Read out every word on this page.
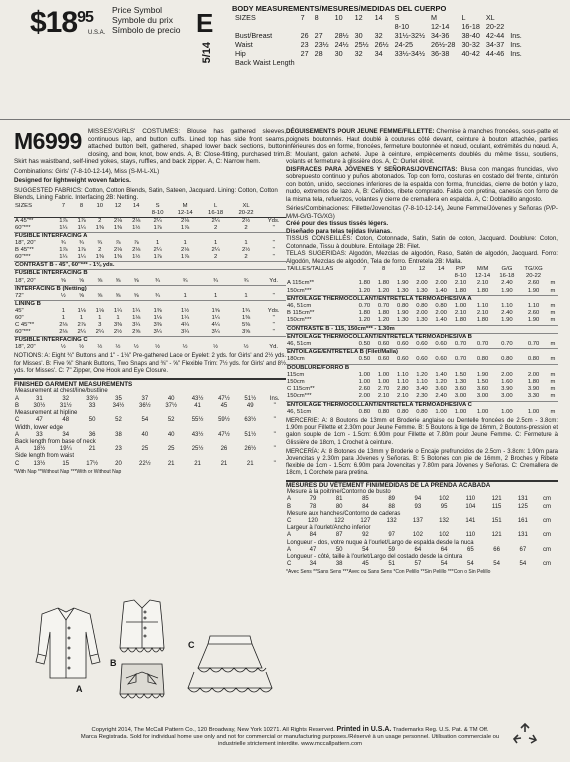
$\$18^{95}$
U.S.A.
Price Symbol
Symbole du prix
Símbolo de precio E
5/14
BODY MEASUREMENTS/MESURES/MEDIDAS DEL CUERPO
SIZES	7	8	10	12	14	S	M	L	XL	
						8-10	12-14	16-18	20-22	
Bust/Breast	26	27	28½	30	32	31½-32½	34-36	38-40	42-44	Ins.
Waist	23	23½	24½	25½	26½	24-25	26½-28	30-32	34-37	Ins.
Hip	27	28	30	32	34	33½-34½	36-38	40-42	44-46	Ins.
Back Waist Length										
M6999 MISSES'/GIRLS' COSTUMES: Blouse has gathered sleeves, continuous lap, and button cuffs. Lined top has side front seams, attached button belt, gathered, shaped lower back sections, button closing, and bow, knot, bow ends. A, B: Close-fitting, purchased trim. Skirt has waistband, self-lined yokes, stays, ruffles, and back zipper. A, C: Narrow hem.
Combinations: Girls' (7-8-10-12-14), Miss (S-M-L-XL)
Designed for lightweight woven fabrics.
SUGGESTED FABRICS: Cotton, Cotton Blends, Satin, Sateen, Jacquard. Lining: Cotton, Cotton Blends, Lining Fabric. Interfacing 2B: Netting.
SIZES	7	8	10	12	14	S	M	L	XL	
						8-10	12-14	16-18	20-22	
A 45"**	1⅞	1⅞	2	2⅛	2⅛	2¼	2⅛	2¼	2½	Yds.
60"***	1¼	1¼	1⅜	1⅜	1½	1⅞	1⅞	2	2	"
FUSIBLE INTERFACING A										
18", 20"	¾	¾	¾	⅞	⅞	1	1	1	1	"
B 45"**	1⅞	1⅞	2	2⅛	2⅛	2¼	2⅛	2¼	2½	"
60"***	1¼	1¼	1⅜	1⅜	1½	1⅞	1⅞	2	2	"
CONTRAST B - 45", 60"*** - 1⅜ yds.										
FUSIBLE INTERFACING B										
18", 20"	⅝	⅝	⅝	⅝	⅝	¾	¾	¾	¾	Yd.
INTERFACING B (Netting)										
72"	½	⅝	⅝	⅝	⅝	¾	1	1	1	"
LINING B										
45"	1	1⅛	1⅛	1¼	1¼	1⅜	1½	1⅝	1¾	Yds.
60"	1	1	1	1	1⅛	1⅛	1¼	1¼	1⅜	"
C 45"**	2⅛	2⅞	3	3⅜	3¼	3⅜	4¼	4¼	5⅜	"
60"***	2⅛	2¼	2¼	2½	2⅝	3¼	3¼	3¼	3⅝	"
FUSIBLE INTERFACING C										
18", 20"	½	½	½	½	½	½	½	½	½	Yd.
NOTIONS: A: Eight ¾" Buttons and 1" - 1⅛" Pre-gathered Lace or Eyelet: 2 yds. for Girls' and 2½ yds. for Misses'. B: Five ⅝" Shank Buttons, Two Snaps and ⅜" - ⅝" Flexible Trim: 7½ yds. for Girls' and 8½ yds. for Misses'. C: 7" Zipper, One Hook and Eye Closure.
FINISHED GARMENT MEASUREMENTS
Measurement at chest/line/bustline										
A	31	32	33½	35	37	40	43½	47½	51½	Ins.
B	30½	31½	33	34½	36½	37½	41	45	49	"
Measurement at hipline										
C	47	48	50	52	54	52	55½	59½	63½	"
Width, lower edge										
A	33	34	36	38	40	40	43½	47½	51½	"
Back length from base of neck										
A	18½	19¼	21	23	25	25	25½	26	26½	"
Side length from waist										
C	13½	15	17½	20	22½	21	21	21	21	"
*With Nap **Without Nap ***With or Without Nap
A
B
C

DÉGUISEMENTS POUR JEUNE FEMME/FILLETTE: Chemise à manches froncées, sous-patte et poignets boutonnés. Haut doublé à coutures côté devant, ceinture à bouton attachée, parties inférieures dos en forme, froncées, fermeture boutonnée et nœud, oculant, extrémités du nœud. A, B: Moulant, galon acheté. Jupe à ceinture, empiècements doublés du même tissu, soutiens, volants et fermeture à glissière dos. A, C: Ourlet étroit.

DISFRACES PARA JÓVENES Y SEÑORAS/JOVENCITAS: Blusa con mangas fruncidas, vivo sobrepuesto continuo y puños abotonados. Top con forro, costuras en costado del frente, cinturón con botón, unido, secciones inferiores de la espalda con forma, fruncidas, cierre de botón y lazo, nudo, extremos de lazo. A, B: Ceñidos, ribete comprado. Falda con pretina, canesús con forro de la misma tela, refuerzos, volantes y cierre de cremallera en espalda. A, C: Dobladillo angosto.

Séries/Combinaciones: Fillette/Jovencitas (7-8-10-12-14), Jeune Femme/Jóvenes y Señoras (P/P-M/M-G/G-TG/XG)

Créé pour des tissus tissés légers.

Diseñado para telas tejidas livianas.

TISSUS CONSEILLÉS: Coton, Cotonnade, Satin, Satin de coton, Jacquard. Doublure: Coton, Cotonnade, Tissu à doublure. Entoilage 2B: Filet.

TELAS SUGERIDAS: Algodón, Mezclas de algodón, Raso, Satén de algodón, Jacquard. Forro: Algodón, Mezclas de algodón, Tela de forro. Entretela 2B: Malla.

TAILLES/TALLAS	7	8	10	12	14	P/P	M/M	G/G	TG/XG	
						8-10	12-14	16-18	20-22	
A 115cm**	1.80	1.80	1.90	2.00	2.00	2.10	2.10	2.40	2.60	m
150cm***	1.20	1.20	1.30	1.30	1.40	1.80	1.80	1.90	1.90	m
ENTOILAGE THERMOCOLLANT/ENTRETELA TERMOADHESIVA A										
46, 51cm	0.70	0.70	0.80	0.80	0.80	1.00	1.10	1.10	1.10	m
B 115cm**	1.80	1.80	1.90	2.00	2.00	2.10	2.10	2.40	2.60	m
150cm***	1.20	1.20	1.30	1.30	1.40	1.80	1.80	1.90	1.90	m
CONTRASTE B - 115, 150cm*** - 1.30m										
ENTOILAGE THERMOCOLLANT/ENTRETELA TERMOADHESIVA B										
46, 51cm	0.50	0.60	0.60	0.60	0.60	0.70	0.70	0.70	0.70	m
ENTOILAGE/ENTRETELA B (Filet/Malla)										
180cm	0.50	0.60	0.60	0.60	0.60	0.70	0.80	0.80	0.80	m
DOUBLURE/FORRO B										
115cm	1.00	1.00	1.10	1.20	1.40	1.50	1.90	2.00	2.00	m
150cm	1.00	1.00	1.10	1.10	1.20	1.30	1.50	1.60	1.80	m
C 115cm**	2.60	2.70	2.80	3.40	3.60	3.60	3.60	3.90	3.90	m
150cm***	2.00	2.10	2.10	2.30	2.40	3.00	3.00	3.00	3.30	m
ENTOILAGE THERMOCOLLANT/ENTRETELA TERMOADHESIVA C										
46, 51cm	0.80	0.80	0.80	0.80	1.00	1.00	1.00	1.00	1.00	m
MERCERIE: A: 8 Boutons de 13mm et Broderie anglaise ou Dentelle froncées de 2.5cm - 3.8cm: 1.90m pour Fillette et 2.30m pour Jeune Femme. B: 5 Boutons à tige de 16mm, 2 Boutons-pression et galon souple de 1cm - 1.5cm: 6.90m pour Fillette et 7.80m pour Jeune Femme. C: Fermeture à Glissière de 18cm, 1 Crochet à ceinture.
MERCERÍA: A: 8 Botones de 13mm y Broderie o Encaje prefruncidos de 2.5cm - 3.8cm: 1.90m para Jovencitas y 2.30m para Jóvenes y Señoras. B: 5 Botones con pie de 16mm, 2 Broches y Ribete flexible de 1cm - 1.5cm: 6.90m para Jovencitas y 7.80m para Jóvenes y Señoras. C: Cremallera de 18cm, 1 Corchete para pretina.
MESURES DU VÊTEMENT FINI/MEDIDAS DE LA PRENDA ACABADA
Mesure à la poitrine/Contorno de busto										
A	79	81	85	89	94	102	110	121	131	cm
B	78	80	84	88	93	95	104	115	125	cm
Mesure aux hanches/Contorno de caderas										
C	120	122	127	132	137	132	141	151	161	cm
Largeur à l'ourlet/Ancho inferior										
A	84	87	92	97	102	102	110	121	131	cm
Longueur - dos, votre nuque à l'ourlet/Largo de espalda desde la nuca										
A	47	50	54	59	64	64	65	66	67	cm
Longueur - côté, taille à l'ourlet/Largo del costado desde la cintura										
C	34	38	45	51	57	54	54	54	54	cm
*Avec Sens **Sans Sens ***Avec ou Sans Sens *Con Pelillo **Sin Pelillo ***Con o Sin Pelillo
Copyright 2014, The McCall Pattern Co., 120 Broadway, New York 10271. All Rights Reserved. Printed in U.S.A. Trademarks Reg. U.S. Pat. & TM Off.
Marca Registrada. Sold for individual home use only and not for commercial or manufacturing purposes./Réservé à un usage personnel. Utilisation commerciale ou
industrielle strictement interdite. www.mccallpattern.com
